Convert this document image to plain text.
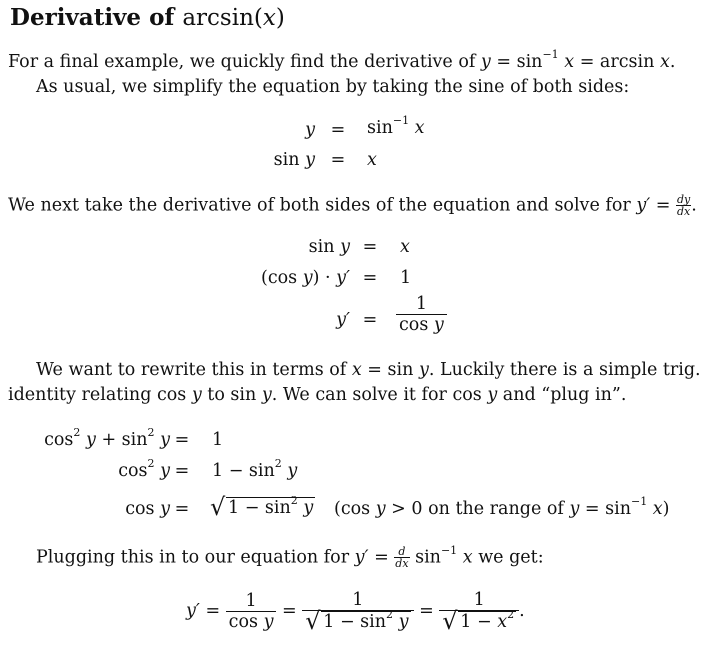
Derivative of arcsin(x)
For a final example, we quickly find the derivative of $y = \sin^{-1} x = \arcsin x$.
As usual, we simplify the equation by taking the sine of both sides:
$y = \sin^{-1} x$
sin y = x
We next take the derivative of both sides of the equation and solve for $y' = \frac{dy}{dx}$ .
sin y = x
(cos y) · y′ = 1
$y' = \frac{1}{\text{cos y}}$
We want to rewrite this in terms of x = sin y. Luckily there is a simple trig.
identity relating cos y to sin y. We can solve it for cos y and “plug in”.
$\cos^2 y + \sin^2 y = 1$
$\cos^2 y = 1 - \sin^2 y$
cos y = √ $1 - \sin^2 y$ (cos y > 0 on the range of $y = \sin^{-1} x$)
Plugging this in to our equation for $y' = \frac{d}{dx} \sin^{-1} x$ we get:
$y' = \frac{1}{\text{cos y}} = \frac{1}{√ 1 - \sin^2 y} = \frac{1}{√ 1 - x^2}$ .
